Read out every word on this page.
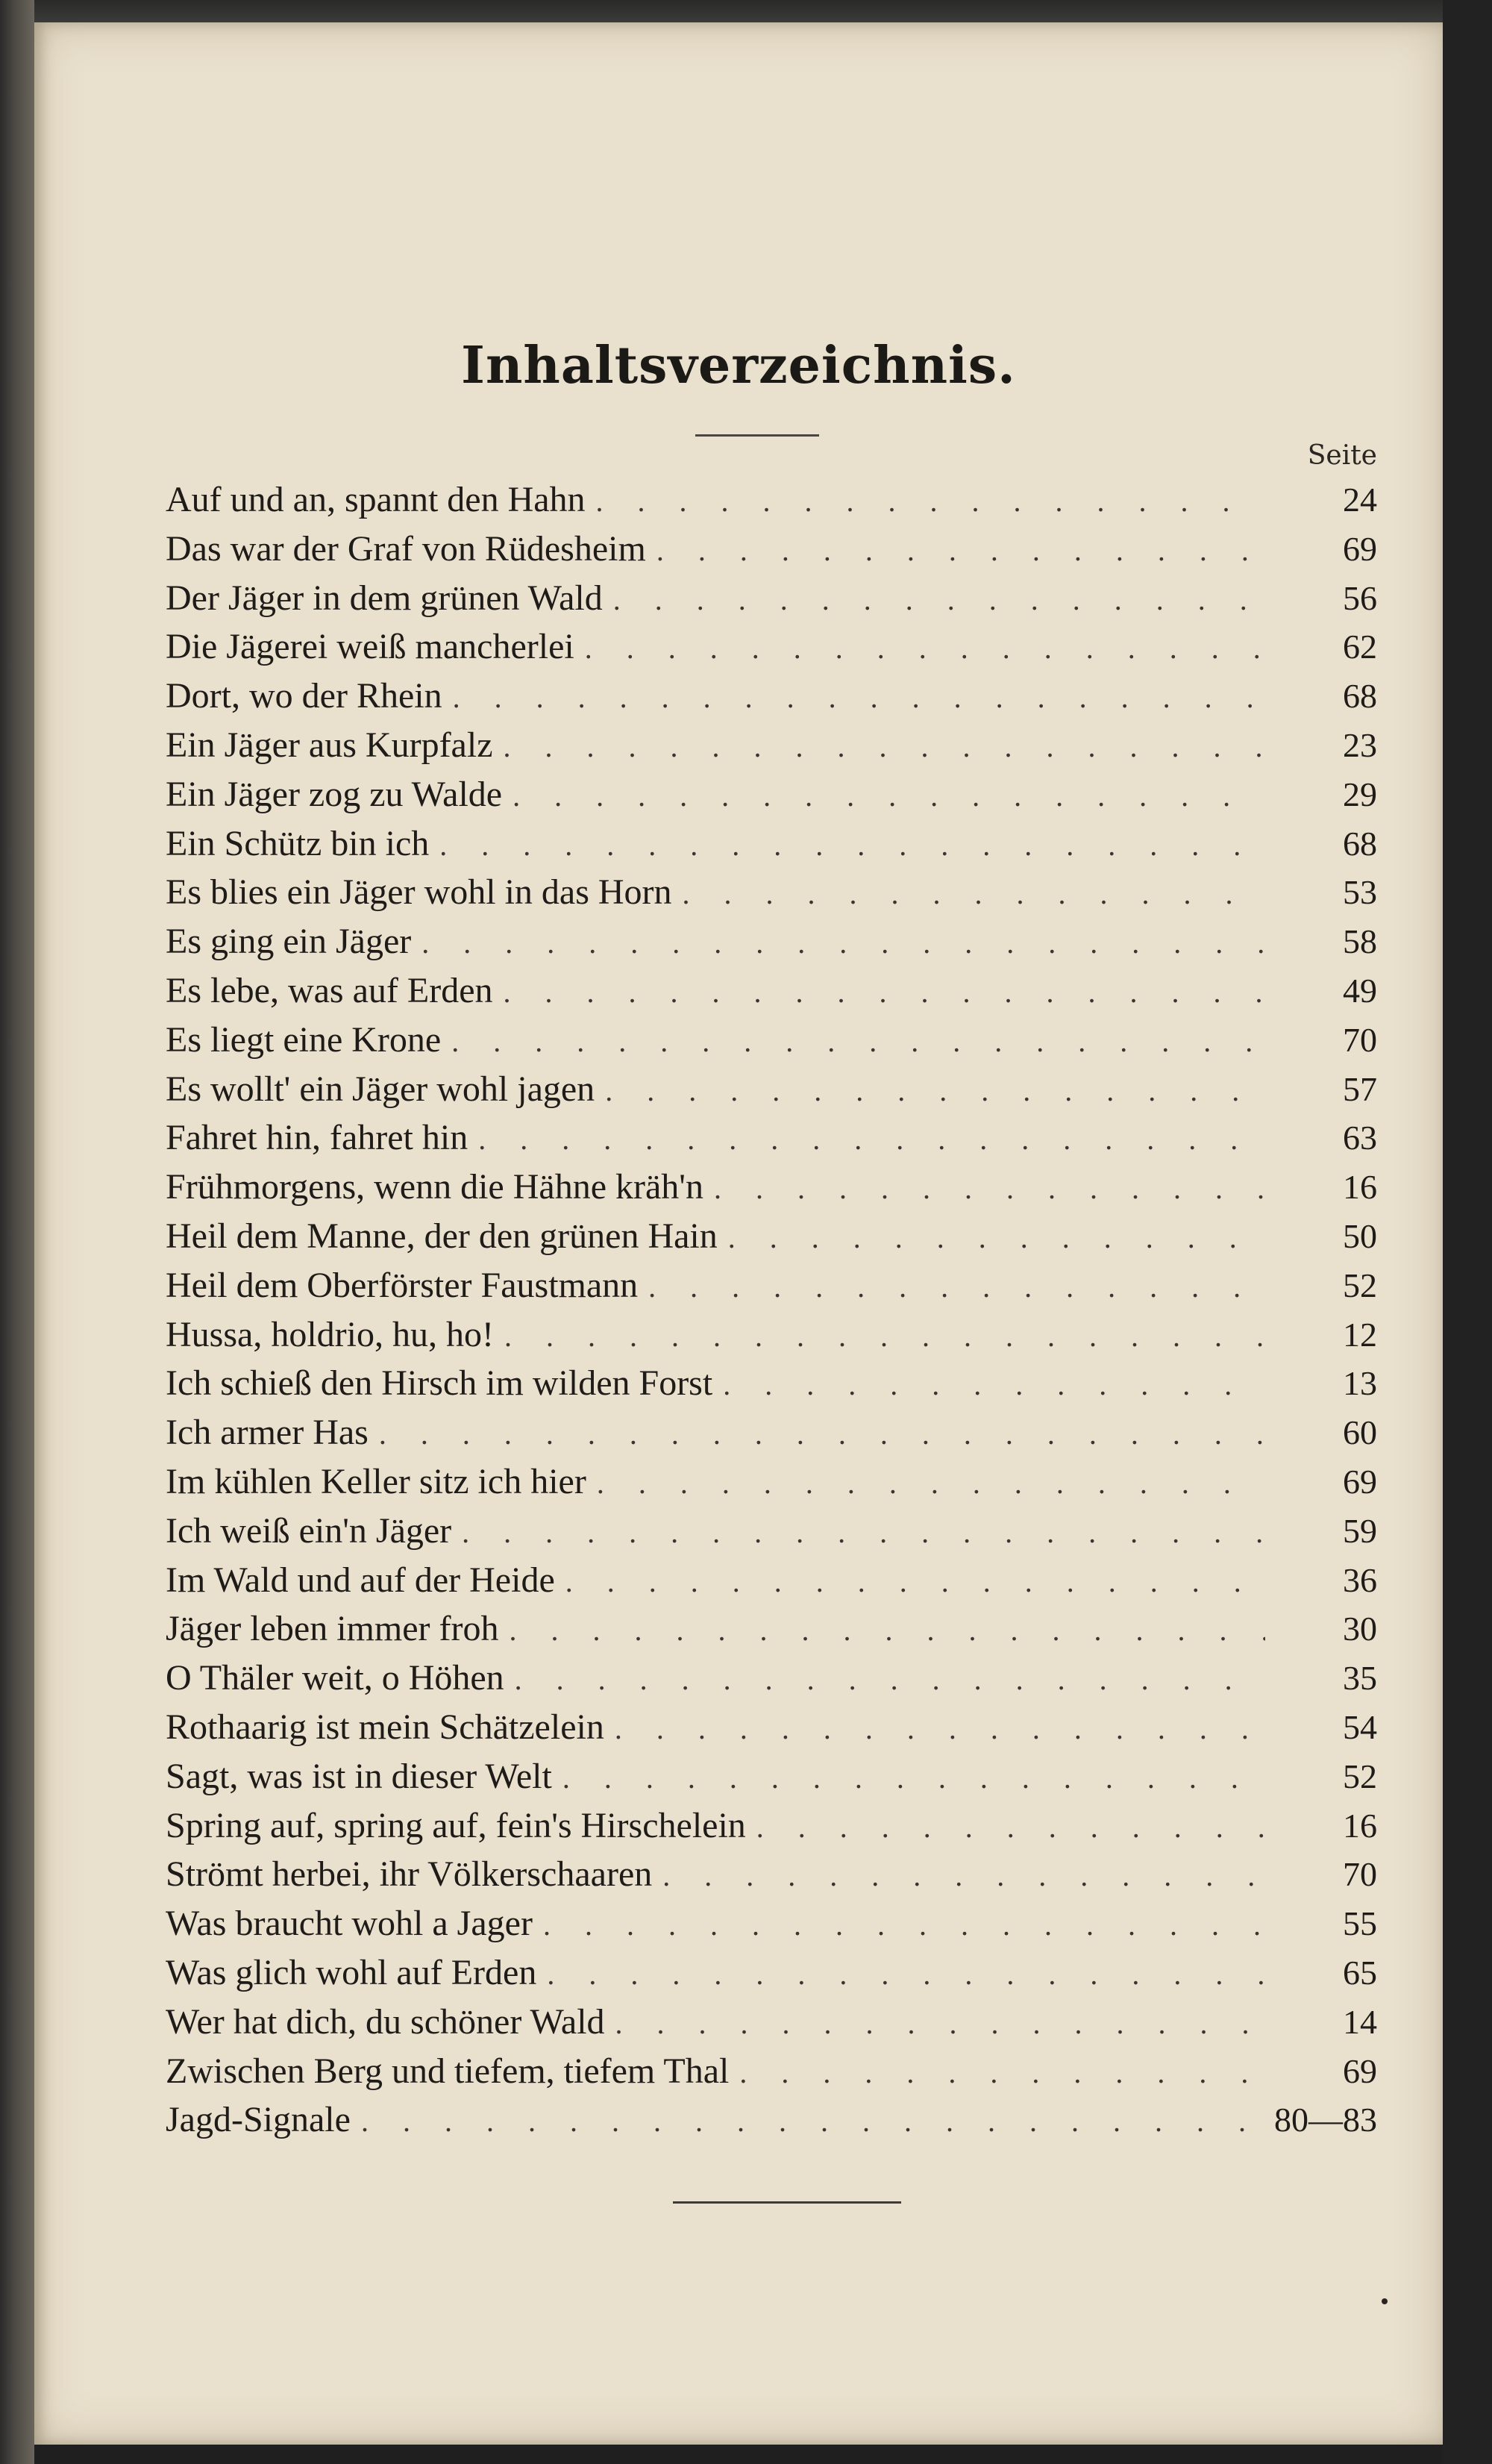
Inhaltsverzeichnis.
Seite
Auf und an, spannt den Hahn . . .	24
Das war der Graf von Rüdesheim . . .	69
Der Jäger in dem grünen Wald . . .	56
Die Jägerei weiß mancherlei . . .	62
Dort, wo der Rhein . . .	68
Ein Jäger aus Kurpfalz . . .	23
Ein Jäger zog zu Walde . . .	29
Ein Schütz bin ich . . .	68
Es blies ein Jäger wohl in das Horn . . .	53
Es ging ein Jäger . . .	58
Es lebe, was auf Erden . . .	49
Es liegt eine Krone . . .	70
Es wollt' ein Jäger wohl jagen . . .	57
Fahret hin, fahret hin . . .	63
Frühmorgens, wenn die Hähne kräh'n . . .	16
Heil dem Manne, der den grünen Hain . . .	50
Heil dem Oberförster Faustmann . . .	52
Hussa, holdrio, hu, ho! . . .	12
Ich schieß den Hirsch im wilden Forst . . .	13
Ich armer Has . . .	60
Im kühlen Keller sitz ich hier . . .	69
Ich weiß ein'n Jäger . . .	59
Im Wald und auf der Heide . . .	36
Jäger leben immer froh . . .	30
O Thäler weit, o Höhen . . .	35
Rothaarig ist mein Schätzelein . . .	54
Sagt, was ist in dieser Welt . . .	52
Spring auf, spring auf, fein's Hirschelein . . .	16
Strömt herbei, ihr Völkerschaaren . . .	70
Was braucht wohl a Jager . . .	55
Was glich wohl auf Erden . . .	65
Wer hat dich, du schöner Wald . . .	14
Zwischen Berg und tiefem, tiefem Thal . . .	69
Jagd-Signale . . .	80—83
